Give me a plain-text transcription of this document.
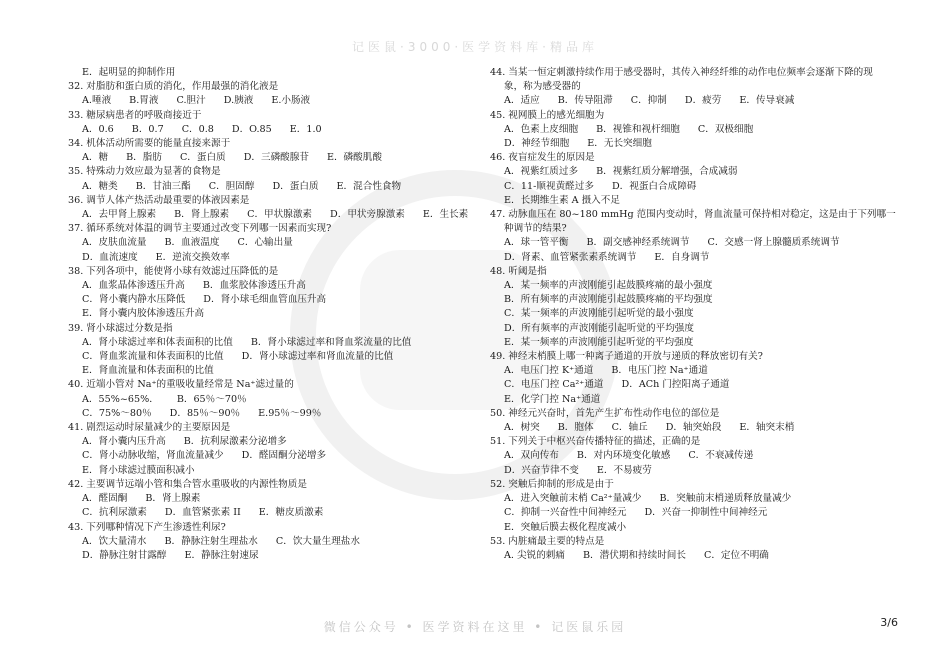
记医鼠·3000·医学资料库·精品库
E．起明显的抑制作用
32. 对脂肪和蛋白质的消化，作用最强的消化液是
A.唾液 B.胃液 C.胆汁 D.胰液 E.小肠液
33. 糖尿病患者的呼吸商接近于
A．0.6 B．0.7 C．0.8 D．O.85 E．1.0
34. 机体活动所需要的能量直接来源于
A．糖 B．脂肪 C．蛋白质 D．三磷酸腺苷 E．磷酸肌酸
35. 特殊动力效应最为显著的食物是
A．糖类 B．甘油三酯 C．胆固醇 D．蛋白质 E．混合性食物
36. 调节人体产热活动最重要的体液因素是
A．去甲肾上腺素 B．肾上腺素 C．甲状腺激素 D．甲状旁腺激素 E．生长素
37. 循环系统对体温的调节主要通过改变下列哪一因素而实现?
A．皮肤血流量 B．血液温度 C．心输出量
D．血流速度 E．逆流交换效率
38. 下列各项中，能使肾小球有效滤过压降低的是
A．血浆晶体渗透压升高 B．血浆胶体渗透压升高
C．肾小囊内静水压降低 D．肾小球毛细血管血压升高
E．肾小囊内胶体渗透压升高
39. 肾小球滤过分数是指
A．肾小球滤过率和体表面积的比值 B．肾小球滤过率和肾血浆流量的比值
C．肾血浆流量和体表面积的比值 D．肾小球滤过率和肾血流量的比值
E．肾血流量和体表面积的比值
40. 近端小管对 Na⁺的重吸收量经常是 Na⁺滤过量的
A．55%~65%． B．65％～70％
C．75%～80％ D．85％～90％ E.95％～99％
41. 剧烈运动时尿量减少的主要原因是
A．肾小囊内压升高 B．抗利尿激素分泌增多
C．肾小动脉收缩，肾血流量减少 D．醛固酮分泌增多
E．肾小球滤过膜面积减小
42. 主要调节远端小管和集合管水重吸收的内源性物质是
A．醛固酮 B．肾上腺素
C．抗利尿激素 D．血管紧张素 II E．糖皮质激素
43. 下列哪种情况下产生渗透性利尿?
A．饮大量清水 B．静脉注射生理盐水 C．饮大量生理盐水
D．静脉注射甘露醇 E．静脉注射速尿
44. 当某一恒定刺激持续作用于感受器时，其传入神经纤维的动作电位频率会逐渐下降的现
象，称为感受器的
A．适应 B．传导阻滞 C．抑制 D．疲劳 E．传导衰减
45. 视网膜上的感光细胞为
A．色素上皮细胞 B．视锥和视杆细胞 C．双极细胞
D．神经节细胞 E．无长突细胞
46. 夜盲症发生的原因是
A．视紫红质过多 B．视紫红质分解增强，合成减弱
C．11-顺视黄醛过多 D．视蛋白合成障碍
E．长期维生素 A 摄入不足
47. 动脉血压在 80~180 mmHg 范围内变动时，肾血流量可保持相对稳定，这是由于下列哪一
种调节的结果?
A．球一管平衡 B．副交感神经系统调节 C．交感一肾上腺髓质系统调节
D．肾素、血管紧张素系统调节 E．自身调节
48. 听阈是指
A．某一频率的声波刚能引起鼓膜疼痛的最小强度
B．所有频率的声波刚能引起鼓膜疼痛的平均强度
C．某一频率的声波刚能引起听觉的最小强度
D．所有频率的声波刚能引起听觉的平均强度
E．某一频率的声波刚能引起听觉的平均强度
49. 神经末梢膜上哪一种离子通道的开放与递质的释放密切有关?
A．电压门控 K⁺通道 B．电压门控 Na⁺通道
C．电压门控 Ca²⁺通道 D．ACh 门控阳离子通道
E．化学门控 Na⁺通道
50. 神经元兴奋时，首先产生扩布性动作电位的部位是
A．树突 B．胞体 C．轴丘 D．轴突始段 E．轴突末梢
51. 下列关于中枢兴奋传播特征的描述，正确的是
A．双向传布 B．对内环境变化敏感 C．不衰减传递
D．兴奋节律不变 E．不易疲劳
52. 突触后抑制的形成是由于
A．进入突触前末梢 Ca²⁺量减少 B．突触前末梢递质释放量减少
C．抑制一兴奋性中间神经元 D．兴奋一抑制性中间神经元
E．突触后膜去极化程度减小
53. 内脏痛最主要的特点是
A. 尖锐的刺痛 B．潜伏期和持续时间长 C．定位不明确
微信公众号 • 医学资料在这里 • 记医鼠乐园	3/6
